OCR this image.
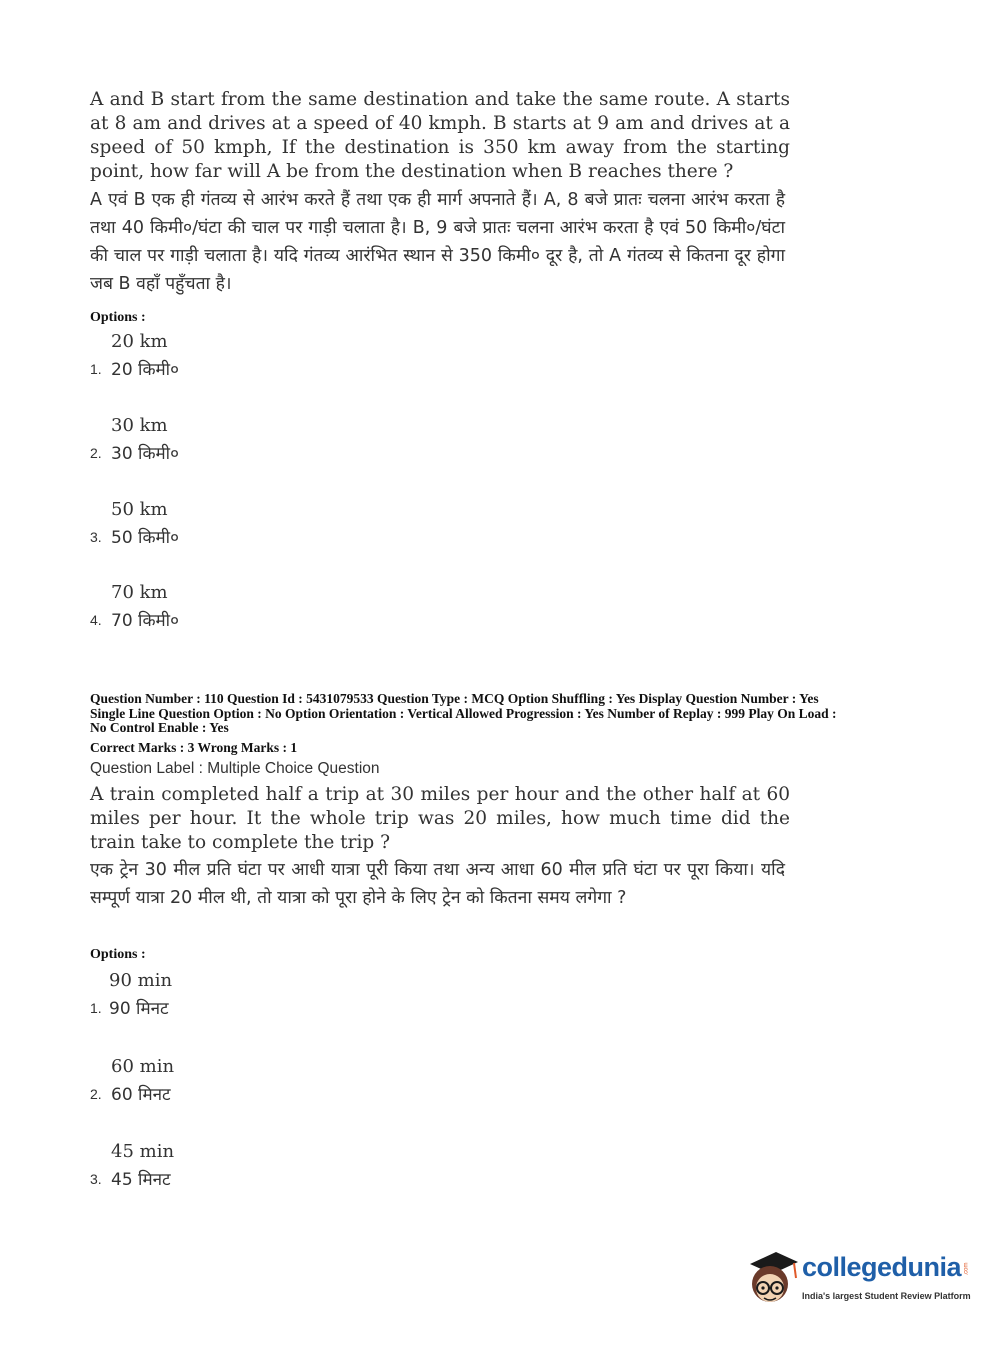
A and B start from the same destination and take the same route. A starts at 8 am and drives at a speed of 40 kmph. B starts at 9 am and drives at a speed of 50 kmph, If the destination is 350 km away from the starting point, how far will A be from the destination when B reaches there ?
A एवं B एक ही गंतव्य से आरंभ करते हैं तथा एक ही मार्ग अपनाते हैं। A, 8 बजे प्रातः चलना आरंभ करता है तथा 40 किमी०/घंटा की चाल पर गाड़ी चलाता है। B, 9 बजे प्रातः चलना आरंभ करता है एवं 50 किमी०/घंटा की चाल पर गाड़ी चलाता है। यदि गंतव्य आरंभित स्थान से 350 किमी० दूर है, तो A गंतव्य से कितना दूर होगा जब B वहाँ पहुँचता है।
Options :
1.
20 km
20 किमी०
2.
30 km
30 किमी०
3.
50 km
50 किमी०
4.
70 km
70 किमी०
Question Number : 110 Question Id : 5431079533 Question Type : MCQ Option Shuffling : Yes Display Question Number : Yes
Single Line Question Option : No Option Orientation : Vertical Allowed Progression : Yes Number of Replay : 999 Play On Load :
No Control Enable : Yes
Correct Marks : 3 Wrong Marks : 1
Question Label : Multiple Choice Question
A train completed half a trip at 30 miles per hour and the other half at 60 miles per hour. It the whole trip was 20 miles, how much time did the train take to complete the trip ?
एक ट्रेन 30 मील प्रति घंटा पर आधी यात्रा पूरी किया तथा अन्य आधा 60 मील प्रति घंटा पर पूरा किया। यदि सम्पूर्ण यात्रा 20 मील थी, तो यात्रा को पूरा होने के लिए ट्रेन को कितना समय लगेगा ?
Options :
1.
90 min
90 मिनट
2.
60 min
60 मिनट
3.
45 min
45 मिनट
collegedunia .com
India's largest Student Review Platform
